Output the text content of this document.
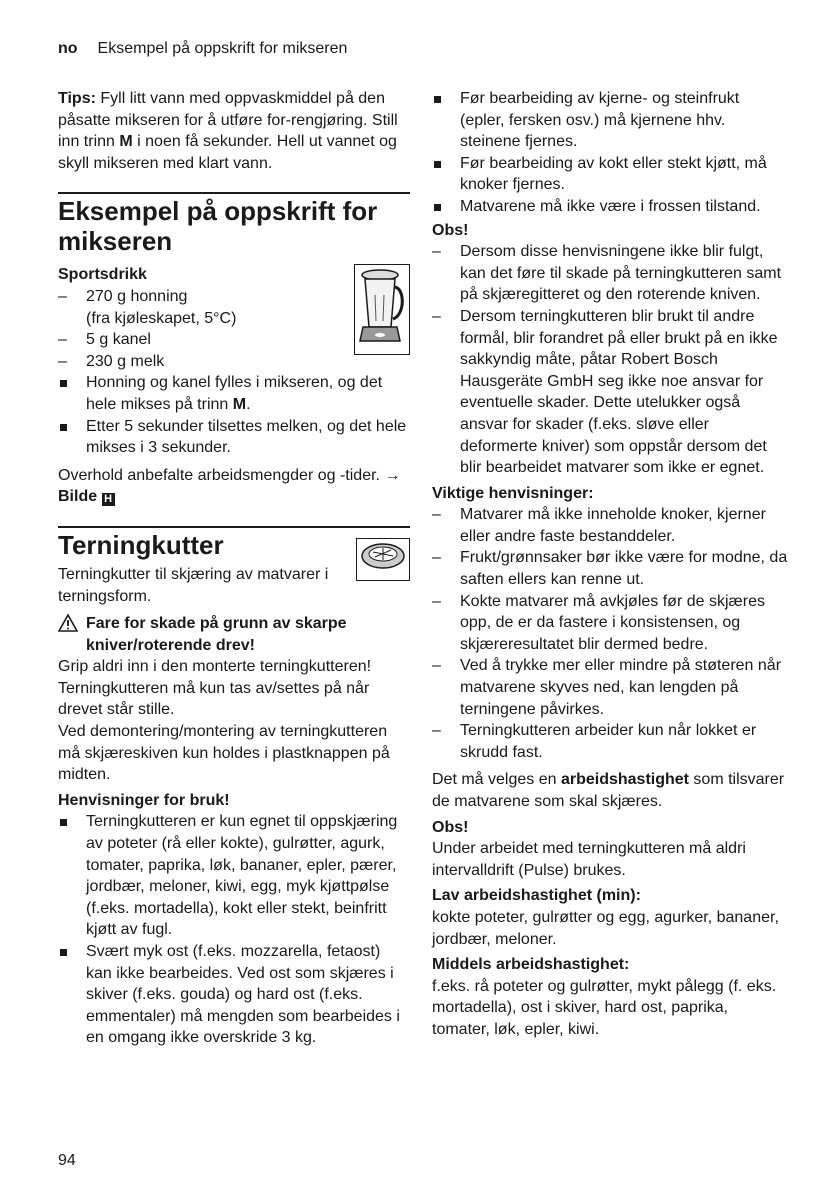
no Eksempel på oppskrift for mikseren

Tips: Fyll litt vann med oppvaskmiddel på den påsatte mikseren for å utføre for-rengjøring. Still inn trinn M i noen få sekunder. Hell ut vannet og skyll mikseren med klart vann.

Eksempel på oppskrift for mikseren

Sportsdrikk

– 270 g honning
(fra kjøleskapet, 5°C)
– 5 g kanel
– 230 g melk
Honning og kanel fylles i mikseren, og det hele mikses på trinn M.
Etter 5 sekunder tilsettes melken, og det hele mikses i 3 sekunder.

Overhold anbefalte arbeidsmengder og -tider. → Bilde H

Terningkutter

Terningkutter til skjæring av matvarer i terningsform.

Fare for skade på grunn av skarpe kniver/roterende drev!

Grip aldri inn i den monterte terningkutteren! Terningkutteren må kun tas av/settes på når drevet står stille.

Ved demontering/montering av terningkutteren må skjæreskiven kun holdes i plastknappen på midten.

Henvisninger for bruk!

Terningkutteren er kun egnet til oppskjæring av poteter (rå eller kokte), gulrøtter, agurk, tomater, paprika, løk, bananer, epler, pærer, jordbær, meloner, kiwi, egg, myk kjøttpølse (f.eks. mortadella), kokt eller stekt, beinfritt kjøtt av fugl.
Svært myk ost (f.eks. mozzarella, fetaost) kan ikke bearbeides. Ved ost som skjæres i skiver (f.eks. gouda) og hard ost (f.eks. emmentaler) må mengden som bearbeides i en omgang ikke overskride 3 kg.
Før bearbeiding av kjerne- og steinfrukt (epler, fersken osv.) må kjernene hhv. steinene fjernes.
Før bearbeiding av kokt eller stekt kjøtt, må knoker fjernes.
Matvarene må ikke være i frossen tilstand.

Obs!

– Dersom disse henvisningene ikke blir fulgt, kan det føre til skade på terningkutteren samt på skjæregitteret og den roterende kniven.
– Dersom terningkutteren blir brukt til andre formål, blir forandret på eller brukt på en ikke sakkyndig måte, påtar Robert Bosch Hausgeräte GmbH seg ikke noe ansvar for eventuelle skader. Dette utelukker også ansvar for skader (f.eks. sløve eller deformerte kniver) som oppstår dersom det blir bearbeidet matvarer som ikke er egnet.

Viktige henvisninger:

– Matvarer må ikke inneholde knoker, kjerner eller andre faste bestanddeler.
– Frukt/grønnsaker bør ikke være for modne, da saften ellers kan renne ut.
– Kokte matvarer må avkjøles før de skjæres opp, de er da fastere i konsistensen, og skjæreresultatet blir dermed bedre.
– Ved å trykke mer eller mindre på støteren når matvarene skyves ned, kan lengden på terningene påvirkes.
– Terningkutteren arbeider kun når lokket er skrudd fast.

Det må velges en arbeidshastighet som tilsvarer de matvarene som skal skjæres.

Obs!

Under arbeidet med terningkutteren må aldri intervalldrift (Pulse) brukes.

Lav arbeidshastighet (min):

kokte poteter, gulrøtter og egg, agurker, bananer, jordbær, meloner.

Middels arbeidshastighet:

f.eks. rå poteter og gulrøtter, mykt pålegg (f. eks. mortadella), ost i skiver, hard ost, paprika, tomater, løk, epler, kiwi.

94
